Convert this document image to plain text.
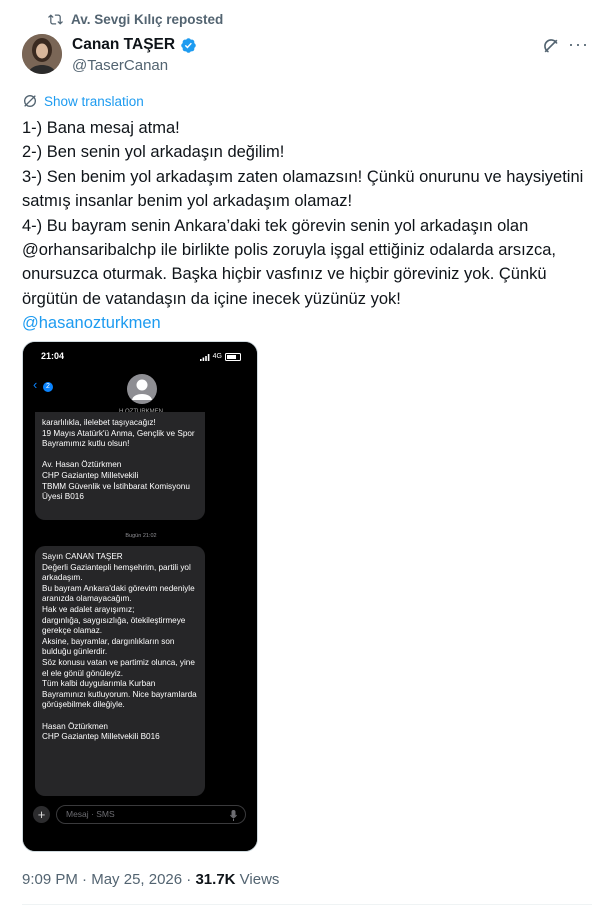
Av. Sevgi Kılıç reposted
Canan TAŞER
@TaserCanan
···
Show translation

1-) Bana mesaj atma!

2-) Ben senin yol arkadaşın değilim!

3-) Sen benim yol arkadaşım zaten olamazsın! Çünkü onurunu ve haysiyetini satmış insanlar benim yol arkadaşım olamaz!

4-) Bu bayram senin Ankara’daki tek görevin senin yol arkadaşın olan @orhansaribalchp ile birlikte polis zoruyla işgal ettiğiniz odalarda arsızca, onursuzca oturmak. Başka hiçbir vasfınız ve hiçbir göreviniz yok. Çünkü örgütün de vatandaşın da içine inecek yüzünüz yok!

@hasanozturkmen

21:04	4G
‹	2
kararlılıkla, ilelebet taşıyacağız!
19 Mayıs Atatürk'ü Anma, Gençlik ve Spor Bayramımız kutlu olsun!

Av. Hasan Öztürkmen
CHP Gaziantep Milletvekili
TBMM Güvenlik ve İstihbarat Komisyonu Üyesi B016
Bugün 21:02
Sayın CANAN TAŞER
Değerli Gaziantepli hemşehrim, partili yol arkadaşım.
Bu bayram Ankara'daki görevim nedeniyle aranızda olamayacağım.
Hak ve adalet arayışımız;
dargınlığa, saygısızlığa, ötekileştirmeye gerekçe olamaz.
Aksine, bayramlar, dargınlıkların son bulduğu günlerdir.
Söz konusu vatan ve partimiz olunca, yine el ele gönül gönüleyiz.
Tüm kalbi duygularımla Kurban Bayramınızı kutluyorum. Nice bayramlarda görüşebilmek dileğiyle.

Hasan Öztürkmen
CHP Gaziantep Milletvekili B016
+	Mesaj · SMS
9:09 PM · May 25, 2026 · 31.7K Views
